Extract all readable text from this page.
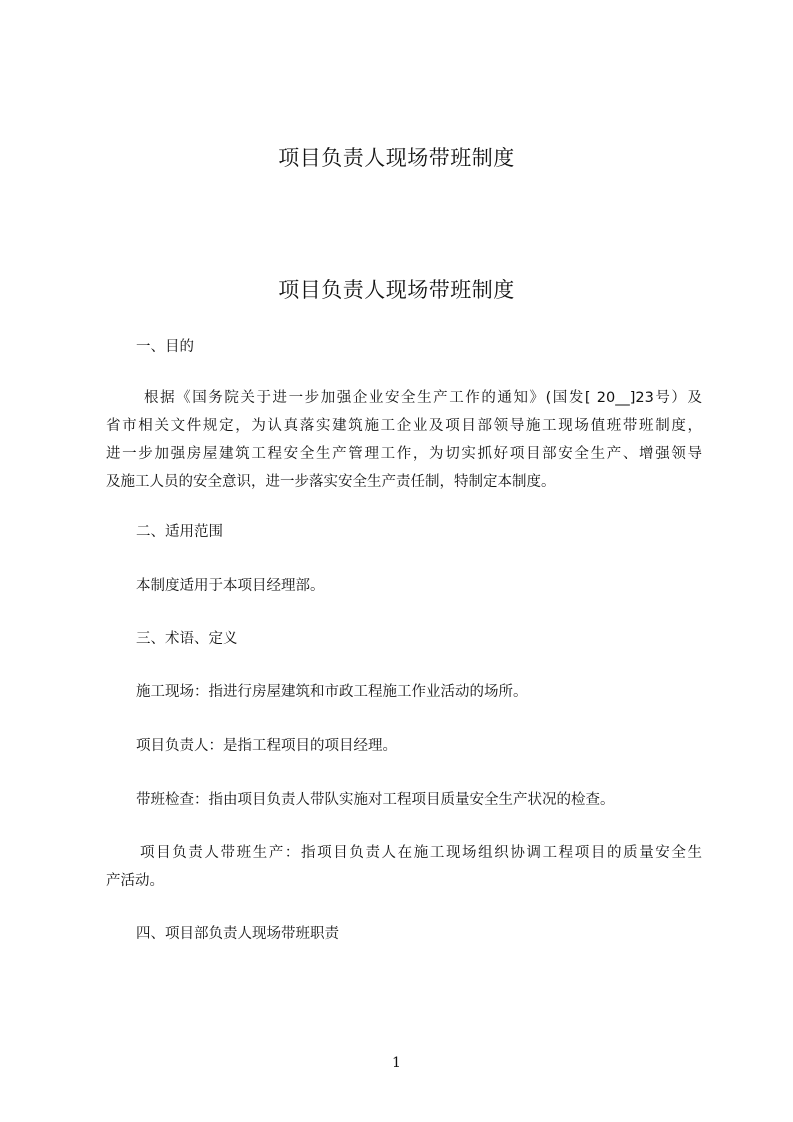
项目负责人现场带班制度
项目负责人现场带班制度

一、目的

根据《国务院关于进一步加强企业安全生产工作的通知》(国发[ 20__]23号）及

省市相关文件规定，为认真落实建筑施工企业及项目部领导施工现场值班带班制度，

进一步加强房屋建筑工程安全生产管理工作，为切实抓好项目部安全生产、增强领导

及施工人员的安全意识，进一步落实安全生产责任制，特制定本制度。

二、适用范围

本制度适用于本项目经理部。

三、术语、定义

施工现场：指进行房屋建筑和市政工程施工作业活动的场所。

项目负责人：是指工程项目的项目经理。

带班检查：指由项目负责人带队实施对工程项目质量安全生产状况的检查。

项目负责人带班生产：指项目负责人在施工现场组织协调工程项目的质量安全生

产活动。

四、项目部负责人现场带班职责

1
